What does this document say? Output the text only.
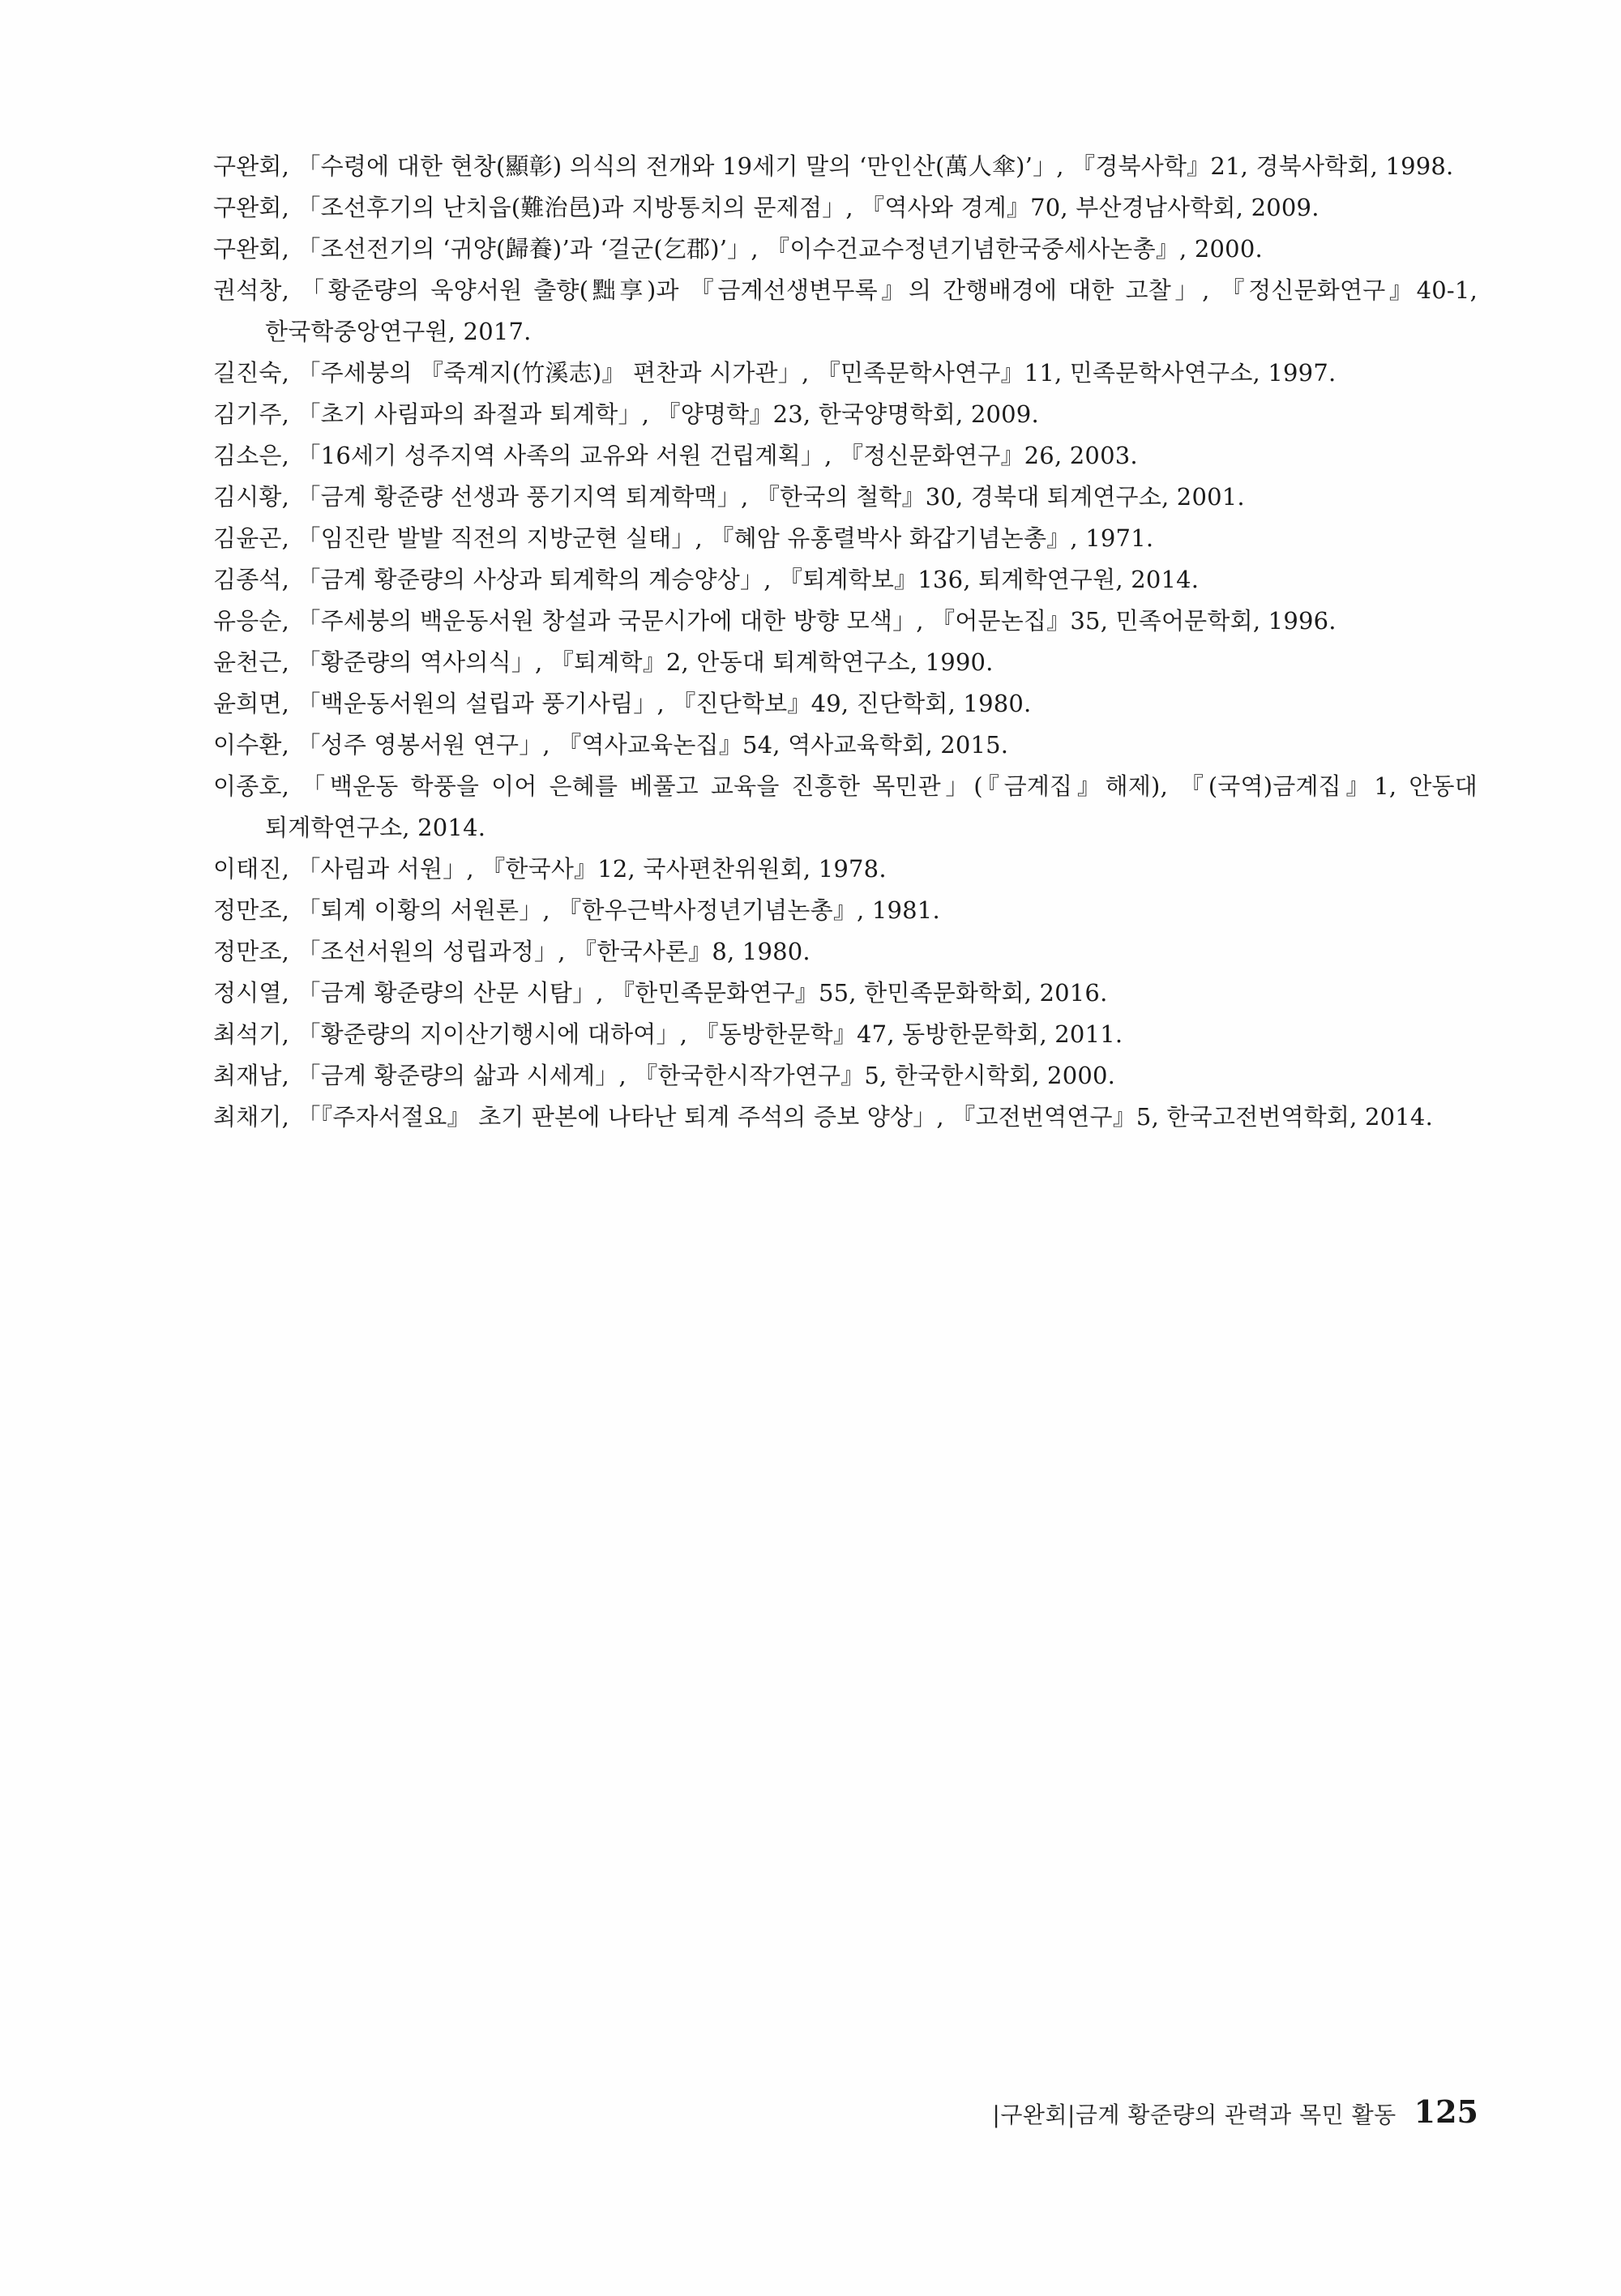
구완회, 「수령에 대한 현창(顯彰) 의식의 전개와 19세기 말의 ‘만인산(萬人傘)’」, 『경북사학』21, 경북사학회, 1998.
구완회, 「조선후기의 난치읍(難治邑)과 지방통치의 문제점」, 『역사와 경계』70, 부산경남사학회, 2009.
구완회, 「조선전기의 ‘귀양(歸養)’과 ‘걸군(乞郡)’」, 『이수건교수정년기념한국중세사논총』, 2000.
권석창, 「황준량의 욱양서원 출향(黜享)과 『금계선생변무록』의 간행배경에 대한 고찰」, 『정신문화연구』40-1, 한국학중앙연구원, 2017.
길진숙, 「주세붕의 『죽계지(竹溪志)』 편찬과 시가관」, 『민족문학사연구』11, 민족문학사연구소, 1997.
김기주, 「초기 사림파의 좌절과 퇴계학」, 『양명학』23, 한국양명학회, 2009.
김소은, 「16세기 성주지역 사족의 교유와 서원 건립계획」, 『정신문화연구』26, 2003.
김시황, 「금계 황준량 선생과 풍기지역 퇴계학맥」, 『한국의 철학』30, 경북대 퇴계연구소, 2001.
김윤곤, 「임진란 발발 직전의 지방군현 실태」, 『혜암 유홍렬박사 화갑기념논총』, 1971.
김종석, 「금계 황준량의 사상과 퇴계학의 계승양상」, 『퇴계학보』136, 퇴계학연구원, 2014.
유응순, 「주세붕의 백운동서원 창설과 국문시가에 대한 방향 모색」, 『어문논집』35, 민족어문학회, 1996.
윤천근, 「황준량의 역사의식」, 『퇴계학』2, 안동대 퇴계학연구소, 1990.
윤희면, 「백운동서원의 설립과 풍기사림」, 『진단학보』49, 진단학회, 1980.
이수환, 「성주 영봉서원 연구」, 『역사교육논집』54, 역사교육학회, 2015.
이종호, 「백운동 학풍을 이어 은혜를 베풀고 교육을 진흥한 목민관」(『금계집』해제), 『(국역)금계집』1, 안동대 퇴계학연구소, 2014.
이태진, 「사림과 서원」, 『한국사』12, 국사편찬위원회, 1978.
정만조, 「퇴계 이황의 서원론」, 『한우근박사정년기념논총』, 1981.
정만조, 「조선서원의 성립과정」, 『한국사론』8, 1980.
정시열, 「금계 황준량의 산문 시탐」, 『한민족문화연구』55, 한민족문화학회, 2016.
최석기, 「황준량의 지이산기행시에 대하여」, 『동방한문학』47, 동방한문학회, 2011.
최재남, 「금계 황준량의 삶과 시세계」, 『한국한시작가연구』5, 한국한시학회, 2000.
최채기, 「『주자서절요』 초기 판본에 나타난 퇴계 주석의 증보 양상」, 『고전번역연구』5, 한국고전번역학회, 2014.
|구완회|금계 황준량의 관력과 목민 활동 125
